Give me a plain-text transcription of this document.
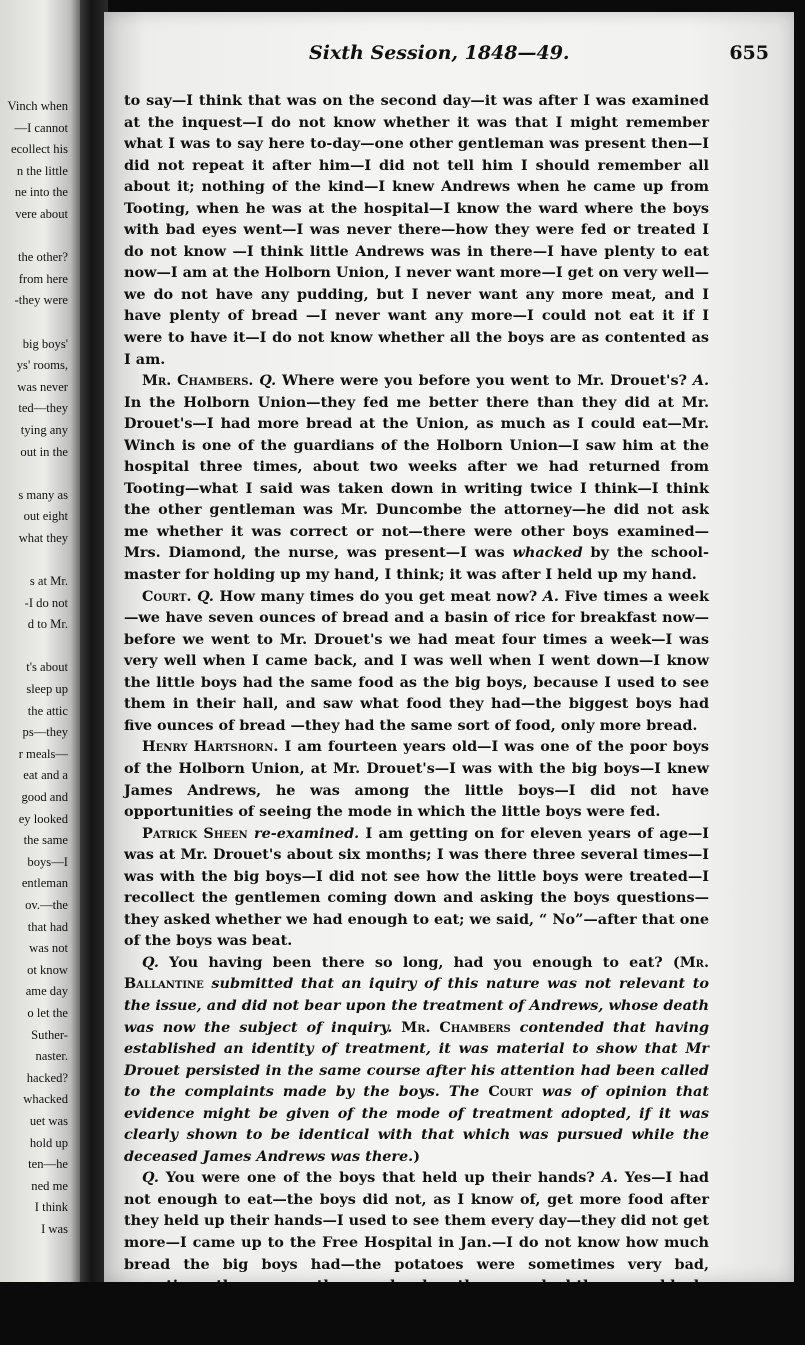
Vinch when
—I cannot
ecollect his
n the little
ne into the
vere about

the other?
from here
-they were

big boys'
ys' rooms,
was never
ted—they
tying any
out in the

s many as
out eight
what they

s at Mr.
-I do not
d to Mr.

t's about
sleep up
the attic
ps—they
r meals—
eat and a
good and
ey looked
the same
boys—I
entleman
ov.—the
that had
was not
ot know
ame day
o let the
Suther-
naster.
hacked?
whacked
uet was
hold up
ten—he
ned me
I think
I was
Sixth Session, 1848—49.	655

to say—I think that was on the second day—it was after I was examined at the inquest—I do not know whether it was that I might remember what I was to say here to-day—one other gentleman was present then—I did not repeat it after him—I did not tell him I should remember all about it; nothing of the kind—I knew Andrews when he came up from Tooting, when he was at the hospital—I know the ward where the boys with bad eyes went—I was never there—how they were fed or treated I do not know —I think little Andrews was in there—I have plenty to eat now—I am at the Holborn Union, I never want more—I get on very well—we do not have any pudding, but I never want any more meat, and I have plenty of bread —I never want any more—I could not eat it if I were to have it—I do not know whether all the boys are as contented as I am.

Mr. Chambers. Q. Where were you before you went to Mr. Drouet's? A. In the Holborn Union—they fed me better there than they did at Mr. Drouet's—I had more bread at the Union, as much as I could eat—Mr. Winch is one of the guardians of the Holborn Union—I saw him at the hospital three times, about two weeks after we had returned from Tooting—what I said was taken down in writing twice I think—I think the other gentleman was Mr. Duncombe the attorney—he did not ask me whether it was correct or not—there were other boys examined—Mrs. Diamond, the nurse, was present—I was whacked by the school-master for holding up my hand, I think; it was after I held up my hand.

Court. Q. How many times do you get meat now? A. Five times a week—we have seven ounces of bread and a basin of rice for breakfast now—before we went to Mr. Drouet's we had meat four times a week—I was very well when I came back, and I was well when I went down—I know the little boys had the same food as the big boys, because I used to see them in their hall, and saw what food they had—the biggest boys had five ounces of bread —they had the same sort of food, only more bread.

Henry Hartshorn. I am fourteen years old—I was one of the poor boys of the Holborn Union, at Mr. Drouet's—I was with the big boys—I knew James Andrews, he was among the little boys—I did not have opportunities of seeing the mode in which the little boys were fed.

Patrick Sheen re-examined. I am getting on for eleven years of age—I was at Mr. Drouet's about six months; I was there three several times—I was with the big boys—I did not see how the little boys were treated—I recollect the gentlemen coming down and asking the boys questions—they asked whether we had enough to eat; we said, “ No”—after that one of the boys was beat.

Q. You having been there so long, had you enough to eat? (Mr. Ballantine submitted that an iquiry of this nature was not relevant to the issue, and did not bear upon the treatment of Andrews, whose death was now the subject of inquiry. Mr. Chambers contended that having established an identity of treatment, it was material to show that Mr Drouet persisted in the same course after his attention had been called to the complaints made by the boys. The Court was of opinion that evidence might be given of the mode of treatment adopted, if it was clearly shown to be identical with that which was pursued while the deceased James Andrews was there.)

Q. You were one of the boys that held up their hands? A. Yes—I had not enough to eat—the boys did not, as I know of, get more food after they held up their hands—I used to see them every day—they did not get more—I came up to the Free Hospital in Jan.—I do not know how much bread the big boys had—the potatoes were sometimes very bad,
